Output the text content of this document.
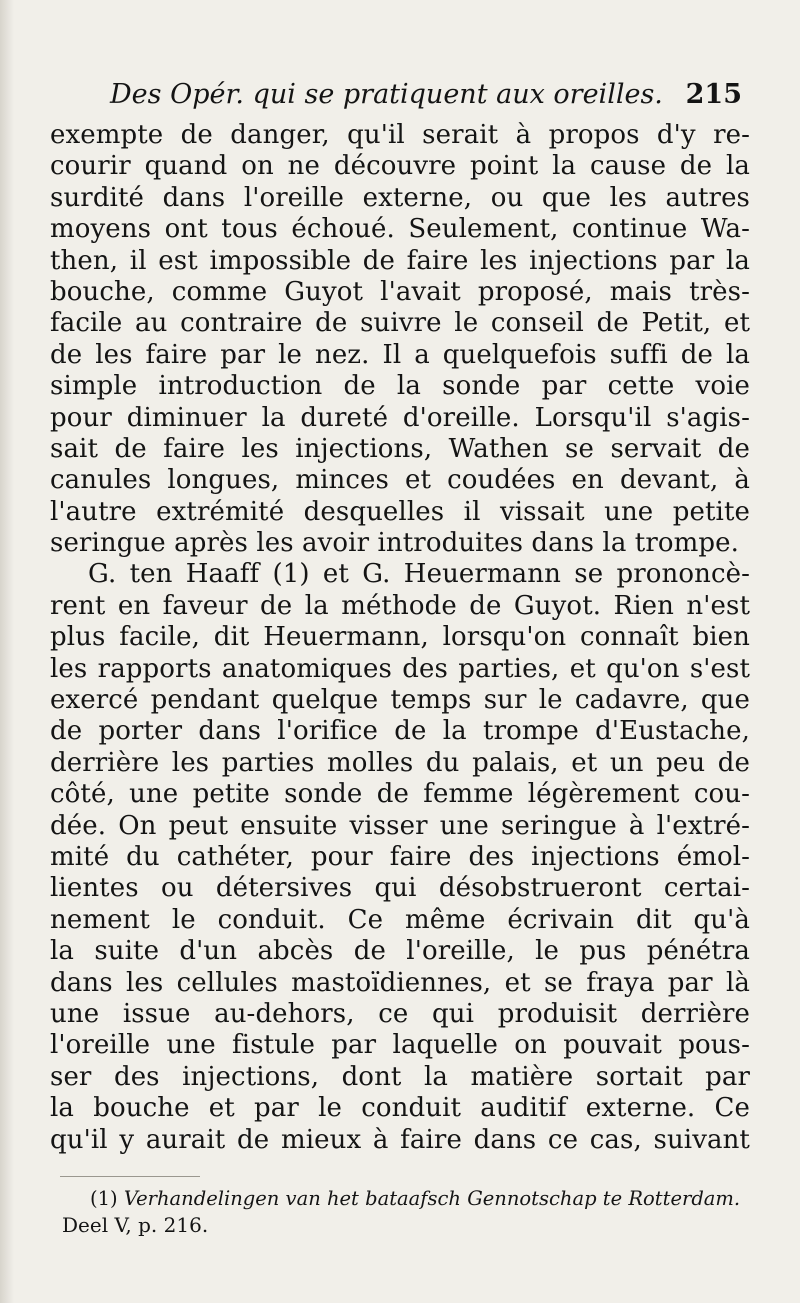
Des Opér. qui se pratiquent aux oreilles. 215
exempte de danger, qu'il serait à propos d'y re-
courir quand on ne découvre point la cause de la
surdité dans l'oreille externe, ou que les autres
moyens ont tous échoué. Seulement, continue Wa-
then, il est impossible de faire les injections par la
bouche, comme Guyot l'avait proposé, mais très-
facile au contraire de suivre le conseil de Petit, et
de les faire par le nez. Il a quelquefois suffi de la
simple introduction de la sonde par cette voie
pour diminuer la dureté d'oreille. Lorsqu'il s'agis-
sait de faire les injections, Wathen se servait de
canules longues, minces et coudées en devant, à
l'autre extrémité desquelles il vissait une petite
seringue après les avoir introduites dans la trompe.
G. ten Haaff (1) et G. Heuermann se prononcè-
rent en faveur de la méthode de Guyot. Rien n'est
plus facile, dit Heuermann, lorsqu'on connaît bien
les rapports anatomiques des parties, et qu'on s'est
exercé pendant quelque temps sur le cadavre, que
de porter dans l'orifice de la trompe d'Eustache,
derrière les parties molles du palais, et un peu de
côté, une petite sonde de femme légèrement cou-
dée. On peut ensuite visser une seringue à l'extré-
mité du cathéter, pour faire des injections émol-
lientes ou détersives qui désobstrueront certai-
nement le conduit. Ce même écrivain dit qu'à
la suite d'un abcès de l'oreille, le pus pénétra
dans les cellules mastoïdiennes, et se fraya par là
une issue au-dehors, ce qui produisit derrière
l'oreille une fistule par laquelle on pouvait pous-
ser des injections, dont la matière sortait par
la bouche et par le conduit auditif externe. Ce
qu'il y aurait de mieux à faire dans ce cas, suivant
(1) Verhandelingen van het bataafsch Gennotschap te Rotterdam.
Deel V, p. 216.
